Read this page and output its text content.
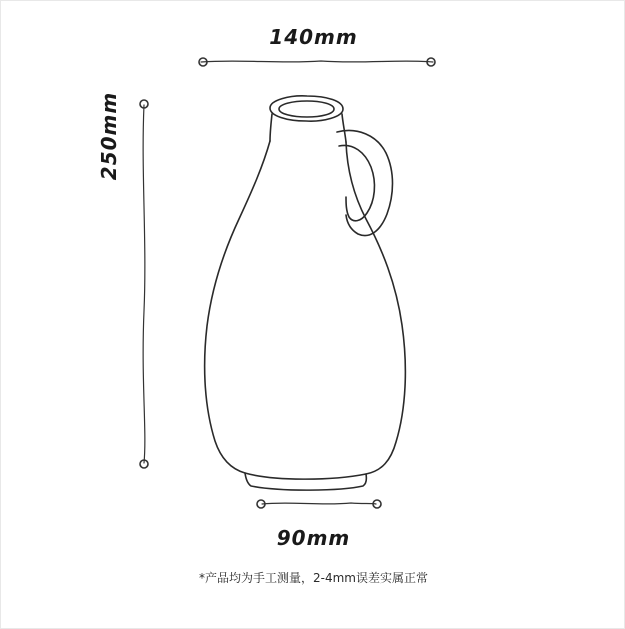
140mm
250mm
90mm
*产品均为手工测量，2-4mm误差实属正常
